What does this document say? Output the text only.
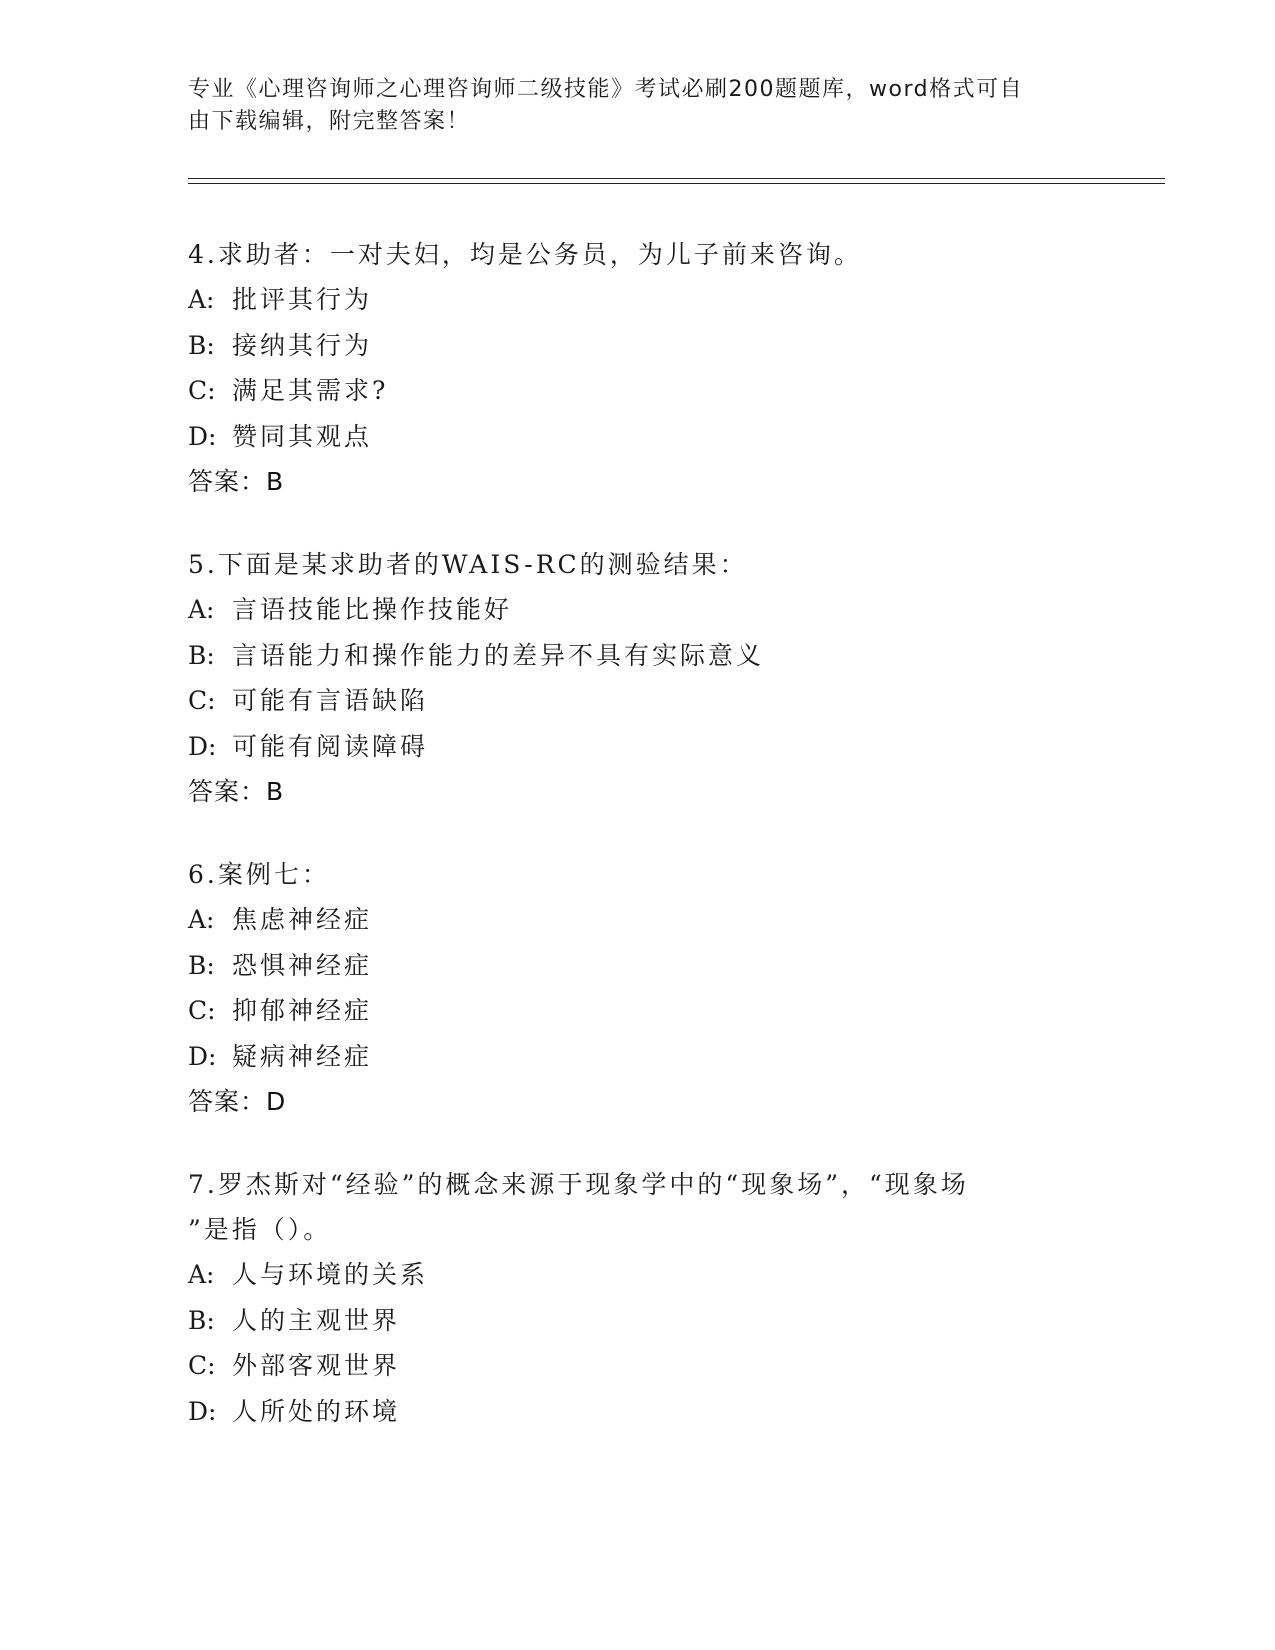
专业《心理咨询师之心理咨询师二级技能》考试必刷200题题库，word格式可自
由下载编辑，附完整答案！
4.求助者：一对夫妇，均是公务员，为儿子前来咨询。
A: 批评其行为
B: 接纳其行为
C: 满足其需求?
D: 赞同其观点
答案：B
5.下面是某求助者的WAIS-RC的测验结果：
A: 言语技能比操作技能好
B: 言语能力和操作能力的差异不具有实际意义
C: 可能有言语缺陷
D: 可能有阅读障碍
答案：B
6.案例七：
A: 焦虑神经症
B: 恐惧神经症
C: 抑郁神经症
D: 疑病神经症
答案：D
7.罗杰斯对“经验”的概念来源于现象学中的“现象场”，“现象场
”是指（）。
A: 人与环境的关系
B: 人的主观世界
C: 外部客观世界
D: 人所处的环境
